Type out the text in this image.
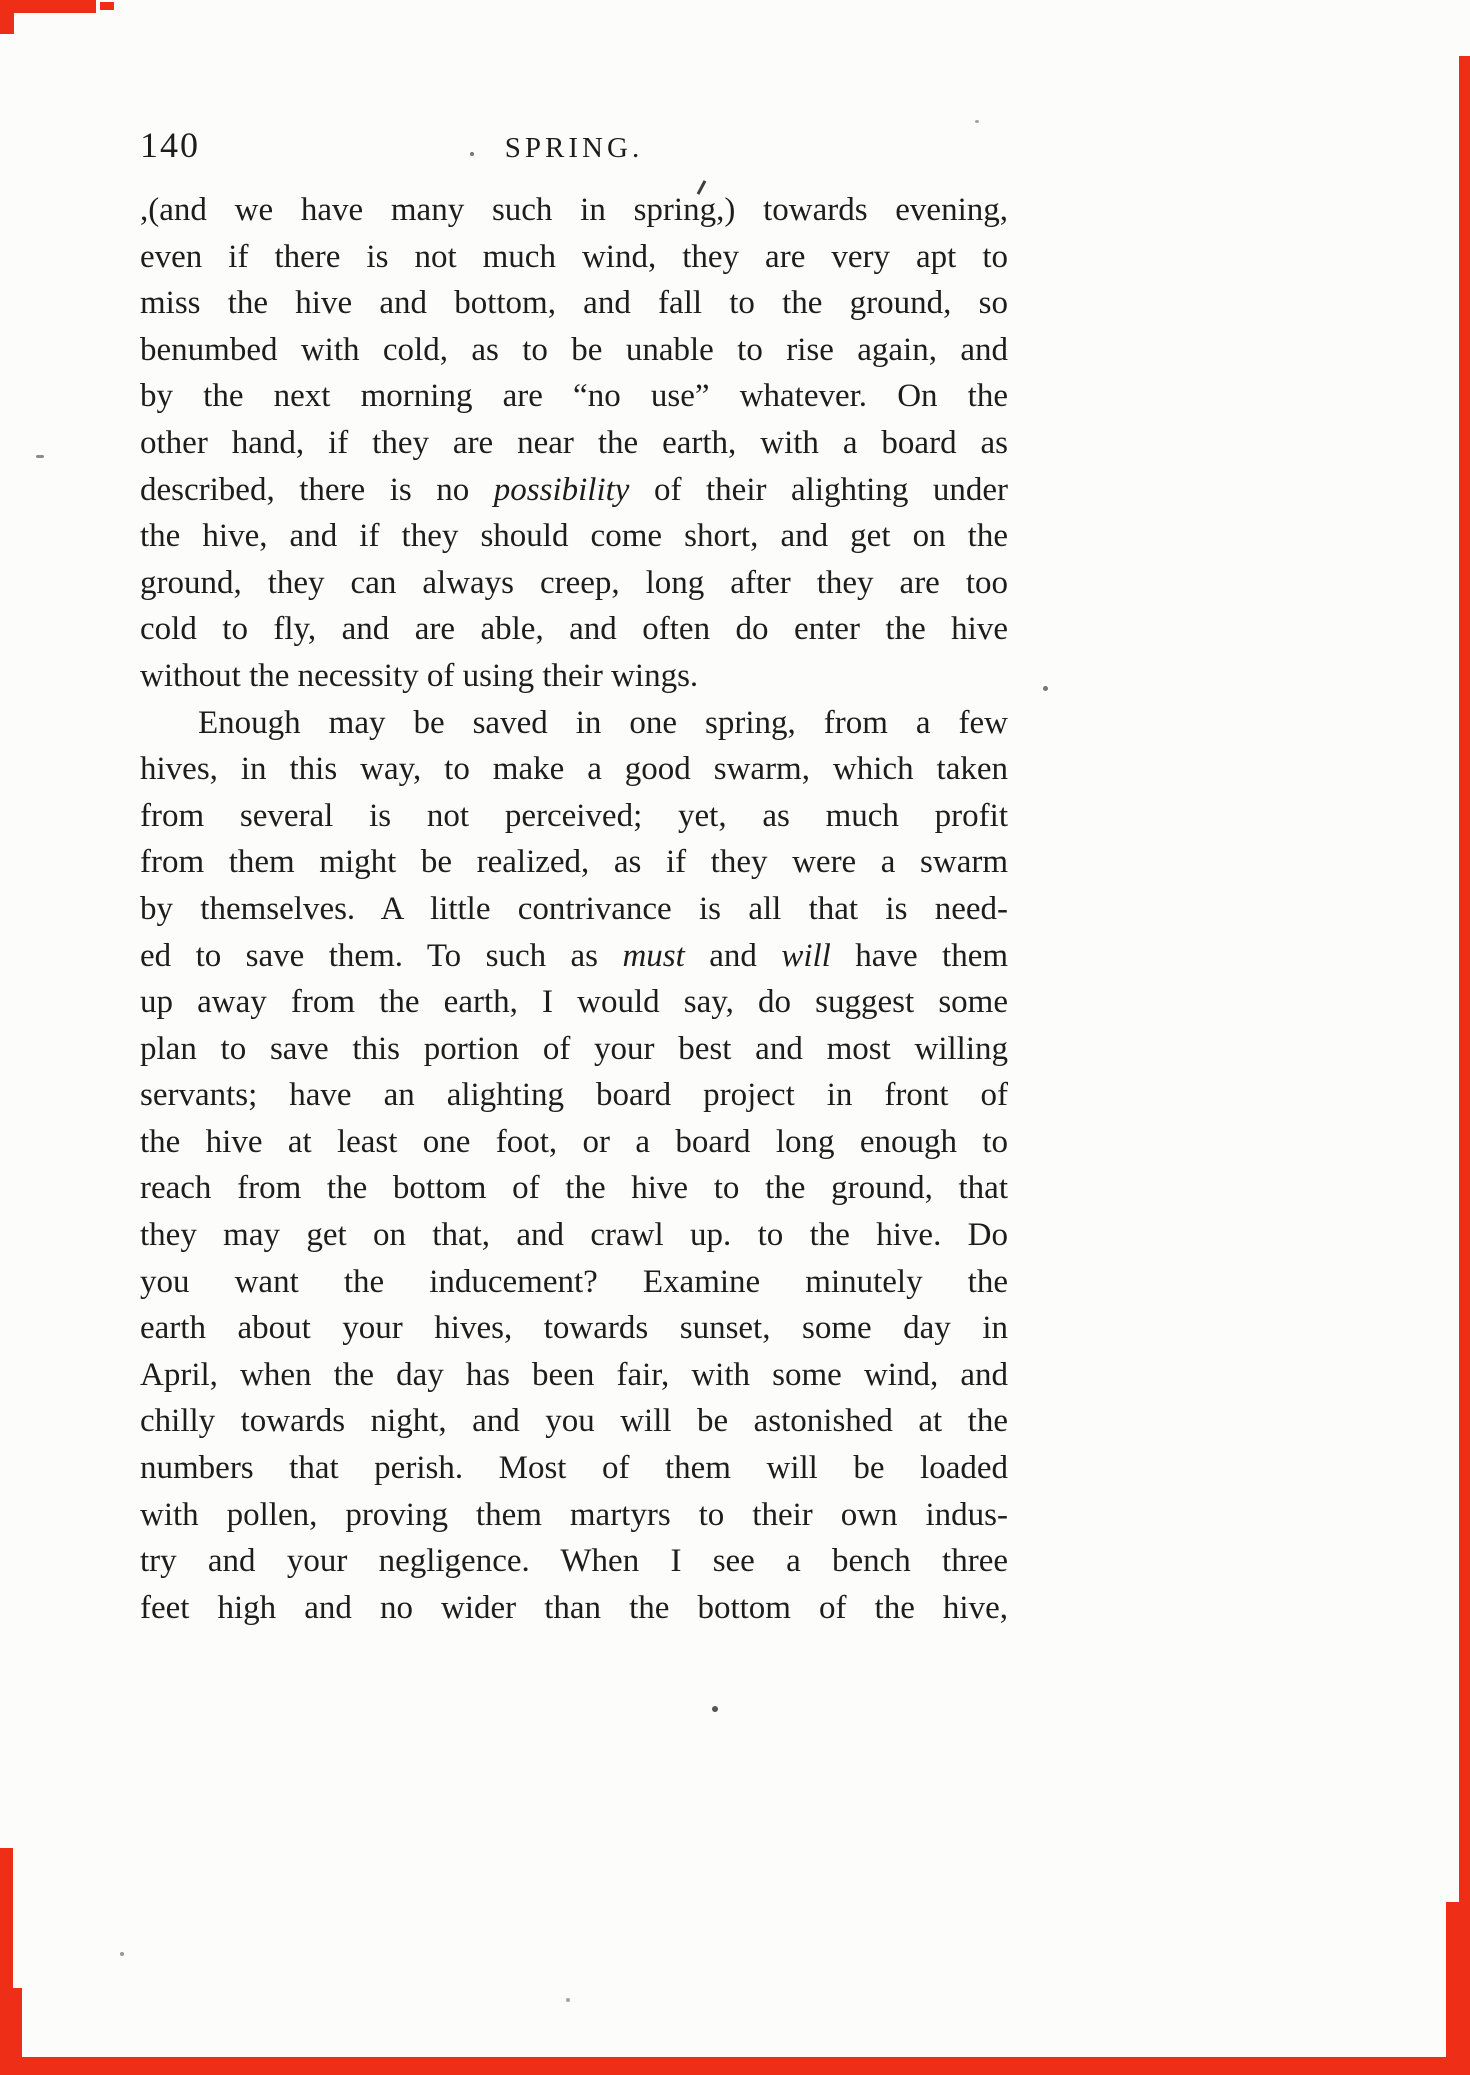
140	SPRING.
,(and we have many such in spring,) towards evening,
even if there is not much wind, they are very apt to
miss the hive and bottom, and fall to the ground, so
benumbed with cold, as to be unable to rise again, and
by the next morning are “no use” whatever. On the
other hand, if they are near the earth, with a board as
described, there is no possibility of their alighting under
the hive, and if they should come short, and get on the
ground, they can always creep, long after they are too
cold to fly, and are able, and often do enter the hive
without the necessity of using their wings.
Enough may be saved in one spring, from a few
hives, in this way, to make a good swarm, which taken
from several is not perceived; yet, as much profit
from them might be realized, as if they were a swarm
by themselves. A little contrivance is all that is need-
ed to save them. To such as must and will have them
up away from the earth, I would say, do suggest some
plan to save this portion of your best and most willing
servants; have an alighting board project in front of
the hive at least one foot, or a board long enough to
reach from the bottom of the hive to the ground, that
they may get on that, and crawl up. to the hive. Do
you want the inducement? Examine minutely the
earth about your hives, towards sunset, some day in
April, when the day has been fair, with some wind, and
chilly towards night, and you will be astonished at the
numbers that perish. Most of them will be loaded
with pollen, proving them martyrs to their own indus-
try and your negligence. When I see a bench three
feet high and no wider than the bottom of the hive,
